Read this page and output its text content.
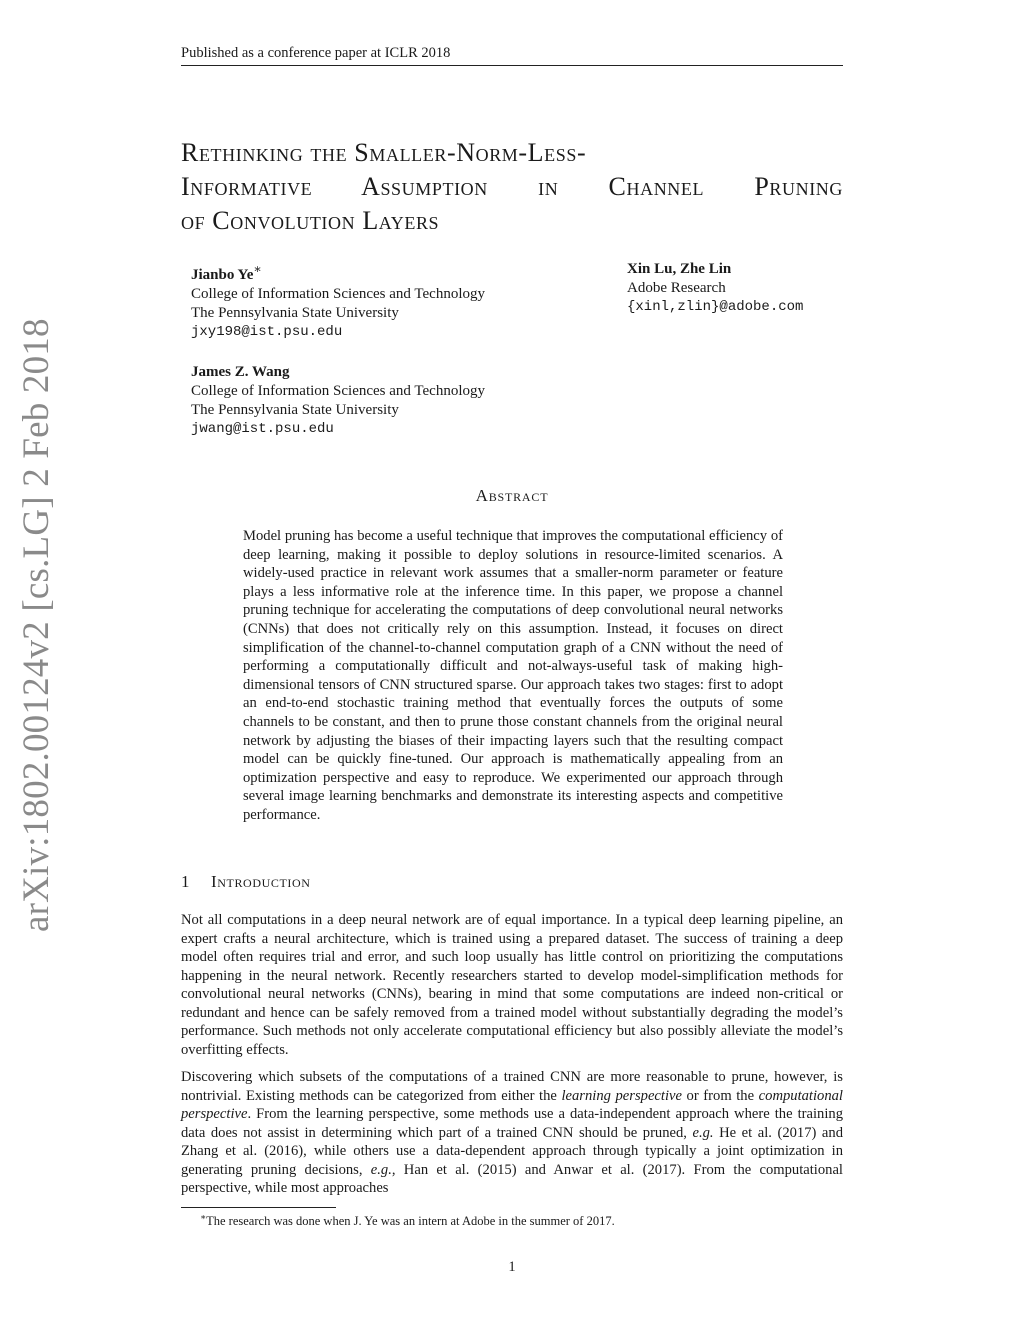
Published as a conference paper at ICLR 2018
arXiv:1802.00124v2 [cs.LG] 2 Feb 2018
Rethinking the Smaller-Norm-Less-
Informative Assumption in Channel Pruning
of Convolution Layers
Jianbo Ye∗
College of Information Sciences and Technology
The Pennsylvania State University
jxy198@ist.psu.edu
Xin Lu, Zhe Lin
Adobe Research
{xinl,zlin}@adobe.com
James Z. Wang
College of Information Sciences and Technology
The Pennsylvania State University
jwang@ist.psu.edu
Abstract
Model pruning has become a useful technique that improves the computational efficiency of deep learning, making it possible to deploy solutions in resource-limited scenarios. A widely-used practice in relevant work assumes that a smaller-norm parameter or feature plays a less informative role at the inference time. In this paper, we propose a channel pruning technique for accelerating the computations of deep convolutional neural networks (CNNs) that does not critically rely on this assumption. Instead, it focuses on direct simplification of the channel-to-channel computation graph of a CNN without the need of performing a computationally difficult and not-always-useful task of making high-dimensional tensors of CNN structured sparse. Our approach takes two stages: first to adopt an end-to-end stochastic training method that eventually forces the outputs of some channels to be constant, and then to prune those constant channels from the original neural network by adjusting the biases of their impacting layers such that the resulting compact model can be quickly fine-tuned. Our approach is mathematically appealing from an optimization perspective and easy to reproduce. We experimented our approach through several image learning benchmarks and demonstrate its interesting aspects and competitive performance.
1 Introduction
Not all computations in a deep neural network are of equal importance. In a typical deep learning pipeline, an expert crafts a neural architecture, which is trained using a prepared dataset. The success of training a deep model often requires trial and error, and such loop usually has little control on prioritizing the computations happening in the neural network. Recently researchers started to develop model-simplification methods for convolutional neural networks (CNNs), bearing in mind that some computations are indeed non-critical or redundant and hence can be safely removed from a trained model without substantially degrading the model’s performance. Such methods not only accelerate computational efficiency but also possibly alleviate the model’s overfitting effects.
Discovering which subsets of the computations of a trained CNN are more reasonable to prune, however, is nontrivial. Existing methods can be categorized from either the learning perspective or from the computational perspective. From the learning perspective, some methods use a data-independent approach where the training data does not assist in determining which part of a trained CNN should be pruned, e.g. He et al. (2017) and Zhang et al. (2016), while others use a data-dependent approach through typically a joint optimization in generating pruning decisions, e.g., Han et al. (2015) and Anwar et al. (2017). From the computational perspective, while most approaches
∗The research was done when J. Ye was an intern at Adobe in the summer of 2017.
1
